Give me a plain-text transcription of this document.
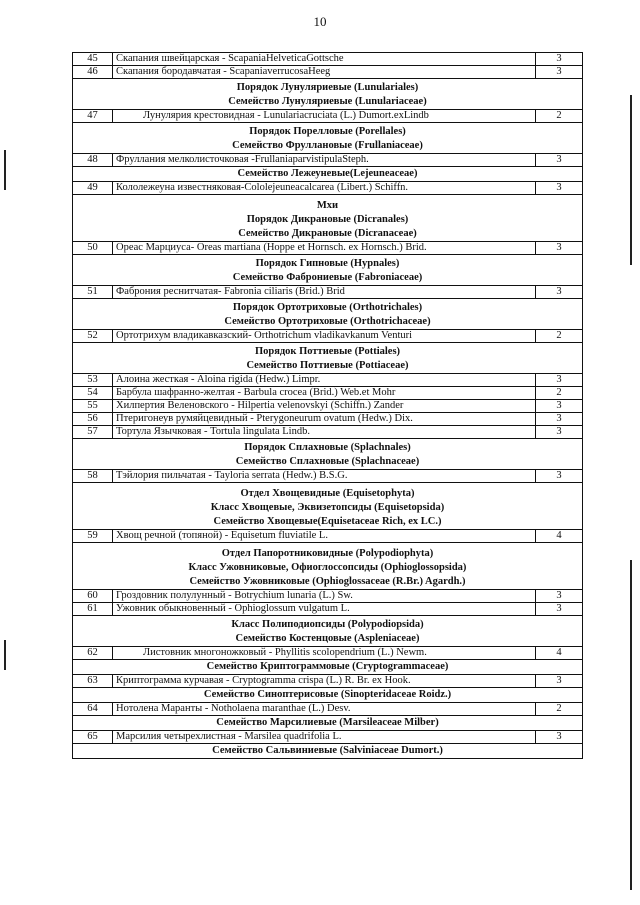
10
45	Скапания швейцарская - ScapaniaHelveticaGottsche	3
46	Скапания бородавчатая - ScapaniaverrucosaHeeg	3

Порядок Лунуляриевые (Lunulariales)
Семейство Лунуляриевые (Lunulariaceae)		

47	Лунулярия крестовидная - Lunulariacruciata (L.) Dumort.exLindb	2

Порядок Порелловые (Porellales)
Семейство Фруллановые (Frullaniaceae)		

48	Фруллания мелколисточковая -FrullaniaparvistipulaSteph.	3

Семейство Лежеуневые(Lejeuneaceae)		

49	Кололежеуна известняковая-Cololejeuneacalcarea (Libert.) Schiffn.	3

Мхи
Порядок Дикрановые (Dicranales)
Семейство Дикрановые (Dicranaceae)		

50	Ореас Марциуса- Oreas martiana (Hoppe et Hornsch. ex Hornsch.) Brid.	3

Порядок Гипновые (Hypnales)
Семейство Фаброниевые (Fabroniaceae)		

51	Фаброния реснитчатая- Fabronia ciliaris (Brid.) Brid	3

Порядок Ортотриховые (Orthotrichales)
Семейство Ортотриховые (Orthotrichaceae)		

52	Ортотрихум владикавказский- Orthotrichum vladikavkanum Venturi	2

Порядок Поттиевые (Pottiales)
Семейство Поттиевые (Pottiaceae)		

53	Алоина жесткая - Aloina rigida (Hedw.) Limpr.	3
54	Барбула шафранно-желтая - Barbula crocea (Brid.) Web.et Mohr	2
55	Хилпертия Веленовского - Hilpertia velenovskyi (Schiffn.) Zander	3
56	Птеригонеув румяйцевидный - Pterygoneurum ovatum (Hedw.) Dix.	3
57	Тортула Язычковая - Tortula lingulata Lindb.	3

Порядок Сплахновые (Splachnales)
Семейство Сплахновые (Splachnaceae)		

58	Тэйлория пильчатая - Tayloria serrata (Hedw.) B.S.G.	3

Отдел Хвощевидные (Equisetophyta)
Класс Хвощевые, Эквизетопсиды (Equisetopsida)
Семейство Хвощевые(Equisetaceae Rich, ex LC.)		

59	Хвощ речной (топяной) - Equisetum fluviatile L.	4

Отдел Папоротниковидные (Polypodiophyta)
Класс Ужовниковые, Офиоглоссопсиды (Ophioglossopsida)
Семейство Ужовниковые (Ophioglossaceae (R.Br.) Agardh.)		

60	Гроздовник полулунный - Botrychium lunaria (L.) Sw.	3
61	Ужовник обыкновенный - Ophioglossum vulgatum L.	3

Класс Полиподиопсиды (Polypodiopsida)
Семейство Костенцовые (Aspleniaceae)		

62	Листовник многоножковый - Phyllitis scolopendrium (L.) Newm.	4

Семейство Криптограммовые (Cryptogrammaceae)		

63	Криптограмма курчавая - Cryptogramma crispa (L.) R. Br. ex Hook.	3

Семейство Синоптерисовые (Sinopteridaceae Roidz.)		

64	Нотолена Маранты - Notholaena maranthae (L.) Desv.	2

Семейство Марсилиевые (Marsileaceae Milber)		

65	Марсилия четырехлистная - Marsilea quadrifolia L.	3

Семейство Сальвиниевые (Salviniaceae Dumort.)		
